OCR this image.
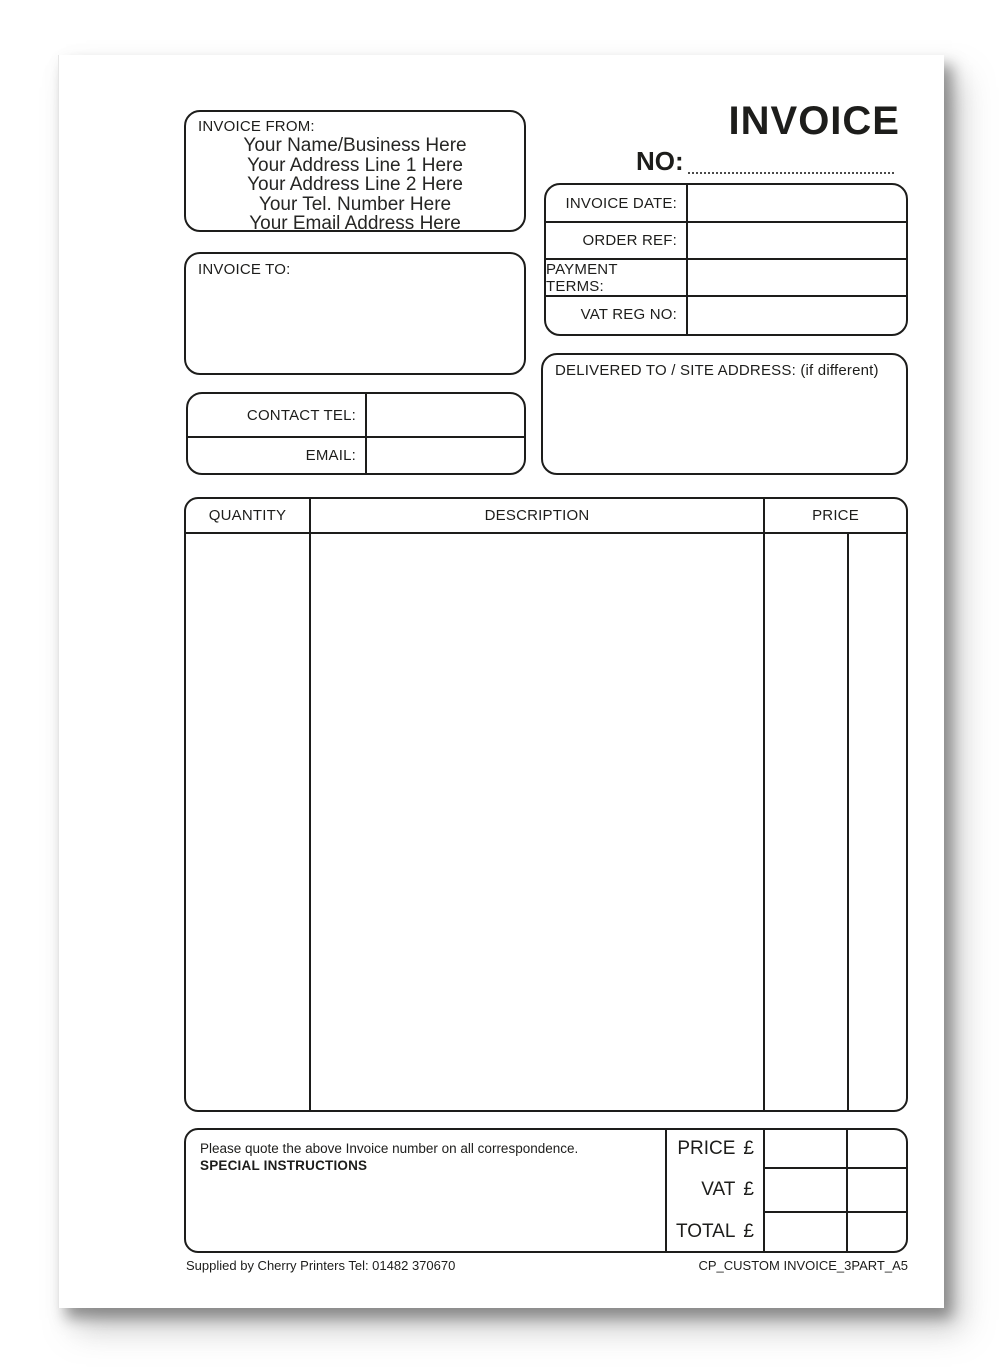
INVOICE
NO:
INVOICE FROM:
Your Name/Business Here
Your Address Line 1 Here
Your Address Line 2 Here
Your Tel. Number Here
Your Email Address Here
INVOICE DATE:
ORDER REF:
PAYMENT TERMS:
VAT REG NO:
INVOICE TO:
DELIVERED TO / SITE ADDRESS: (if different)
CONTACT TEL:
EMAIL:
QUANTITY	DESCRIPTION	PRICE
Please quote the above Invoice number on all correspondence.
SPECIAL INSTRUCTIONS
PRICE £
VAT £
TOTAL £
Supplied by Cherry Printers Tel: 01482 370670	CP_CUSTOM INVOICE_3PART_A5
